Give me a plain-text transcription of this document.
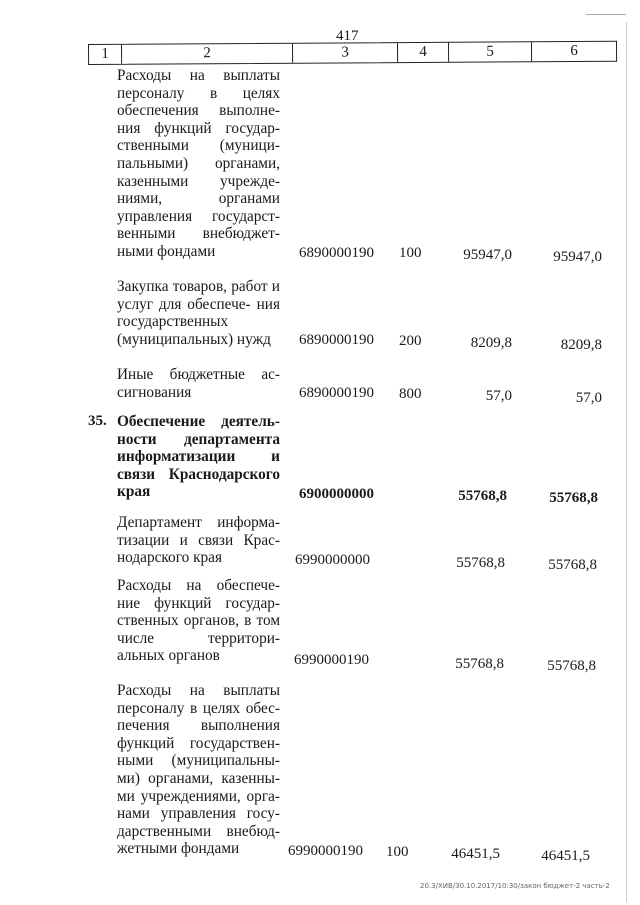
417
1	2	3	4	5	6
Расходы на выплаты персоналу в целях обеспечения выполне- ния функций государ- ственными (муници- пальными) органами, казенными учрежде- ниями, органами управления государст- венными внебюджет- ными фондами	6890000190 100	95947,0	95947,0
Закупка товаров, работ и услуг для обеспече- ния государственных (муниципальных) нужд	6890000190 200	8209,8	8209,8
Иные бюджетные ас- сигнования	6890000190 800	57,0	57,0
35. Обеспечение деятель- ности департамента информатизации и связи Краснодарского края	6900000000	55768,8	55768,8
Департамент информа- тизации и связи Крас- нодарского края	6990000000	55768,8	55768,8
Расходы на обеспече- ние функций государ- ственных органов, в том числе территори- альных органов	6990000190	55768,8	55768,8
Расходы на выплаты персоналу в целях обес- печения выполнения функций государствен- ными (муниципальны- ми) органами, казенны- ми учреждениями, орга- нами управления госу- дарственными внебюд- жетными фондами	6990000190 100	46451,5	46451,5
20.3/ХИВ/30.10.2017/10:30/закон бюджет-2 часть-2
